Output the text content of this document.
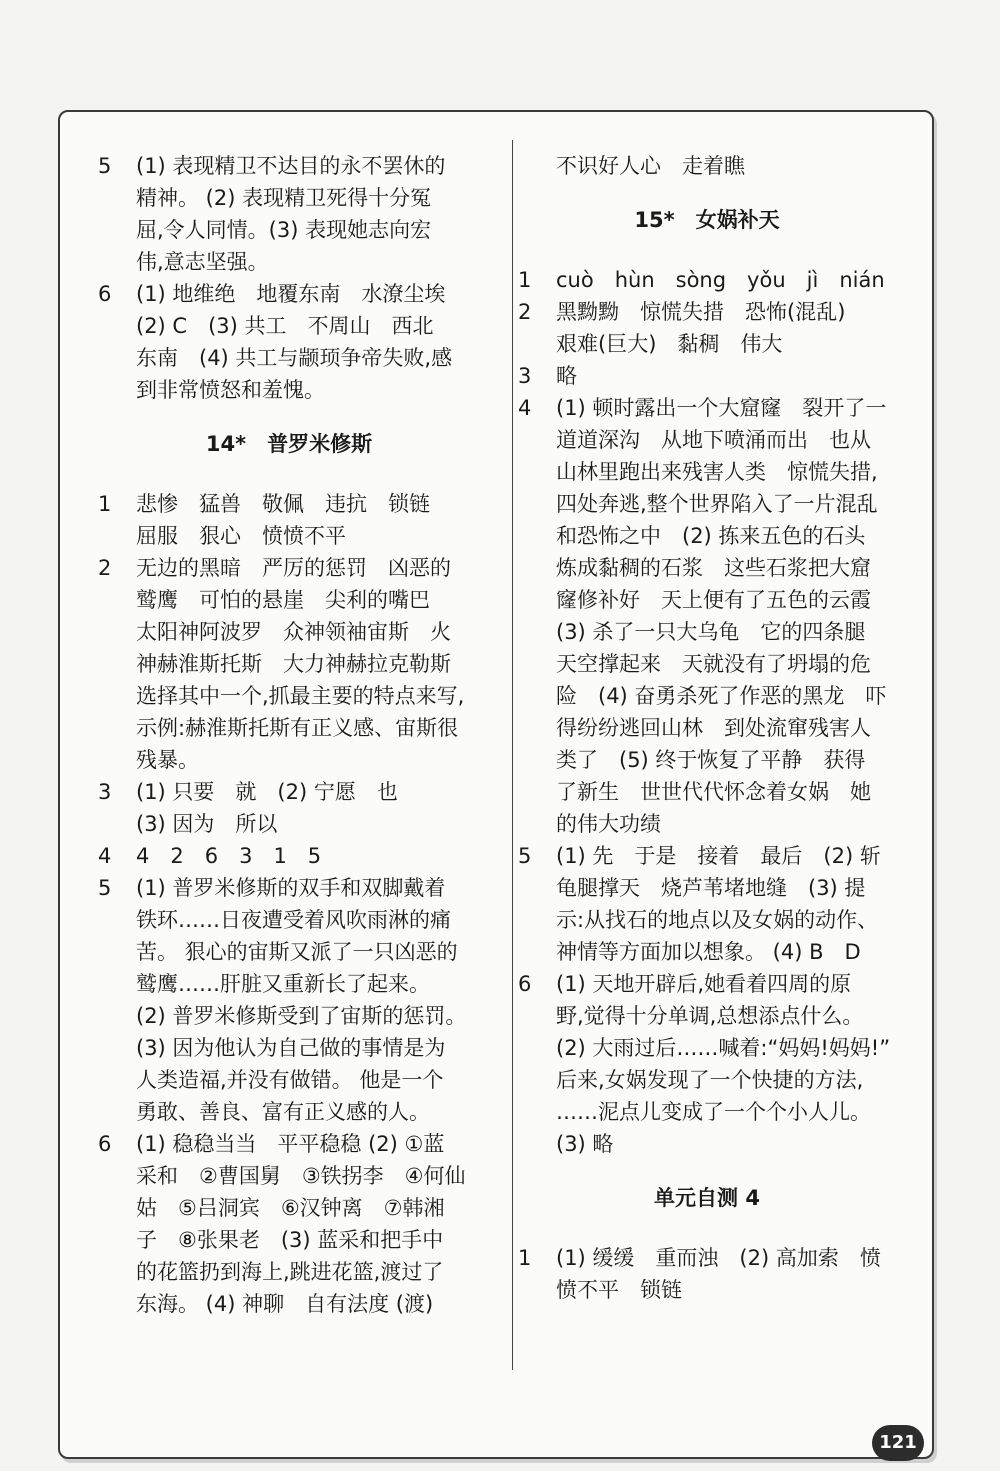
5	(1) 表现精卫不达目的永不罢休的
精神。 (2) 表现精卫死得十分冤
屈,令人同情。(3) 表现她志向宏
伟,意志坚强。
6	(1) 地维绝　地覆东南　水潦尘埃
(2) C　(3) 共工　不周山　西北
东南　(4) 共工与颛顼争帝失败,感
到非常愤怒和羞愧。
14*　普罗米修斯
1	悲惨　猛兽　敬佩　违抗　锁链
屈服　狠心　愤愤不平
2	无边的黑暗　严厉的惩罚　凶恶的
鹫鹰　可怕的悬崖　尖利的嘴巴
太阳神阿波罗　众神领袖宙斯　火
神赫淮斯托斯　大力神赫拉克勒斯
选择其中一个,抓最主要的特点来写,
示例:赫淮斯托斯有正义感、宙斯很
残暴。
3	(1) 只要　就　(2) 宁愿　也
(3) 因为　所以
4	4　2　6　3　1　5
5	(1) 普罗米修斯的双手和双脚戴着
铁环……日夜遭受着风吹雨淋的痛
苦。 狠心的宙斯又派了一只凶恶的
鹫鹰……肝脏又重新长了起来。
(2) 普罗米修斯受到了宙斯的惩罚。
(3) 因为他认为自己做的事情是为
人类造福,并没有做错。 他是一个
勇敢、善良、富有正义感的人。
6	(1) 稳稳当当　平平稳稳 (2) ①蓝
采和　②曹国舅　③铁拐李　④何仙
姑　⑤吕洞宾　⑥汉钟离　⑦韩湘
子　⑧张果老　(3) 蓝采和把手中
的花篮扔到海上,跳进花篮,渡过了
东海。 (4) 神聊　自有法度 (渡)
不识好人心　走着瞧
15*　女娲补天
1	cuò　hùn　sòng　yǒu　jì　nián
2	黑黝黝　惊慌失措　恐怖(混乱)
艰难(巨大)　黏稠　伟大
3	略
4	(1) 顿时露出一个大窟窿　裂开了一
道道深沟　从地下喷涌而出　也从
山林里跑出来残害人类　惊慌失措,
四处奔逃,整个世界陷入了一片混乱
和恐怖之中　(2) 拣来五色的石头
炼成黏稠的石浆　这些石浆把大窟
窿修补好　天上便有了五色的云霞
(3) 杀了一只大乌龟　它的四条腿
天空撑起来　天就没有了坍塌的危
险　(4) 奋勇杀死了作恶的黑龙　吓
得纷纷逃回山林　到处流窜残害人
类了　(5) 终于恢复了平静　获得
了新生　世世代代怀念着女娲　她
的伟大功绩
5	(1) 先　于是　接着　最后　(2) 斩
龟腿撑天　烧芦苇堵地缝　(3) 提
示:从找石的地点以及女娲的动作、
神情等方面加以想象。 (4) B　D
6	(1) 天地开辟后,她看着四周的原
野,觉得十分单调,总想添点什么。
(2) 大雨过后……喊着:“妈妈!妈妈!”
后来,女娲发现了一个快捷的方法,
……泥点儿变成了一个个小人儿。
(3) 略
单元自测 4
1	(1) 缓缓　重而浊　(2) 高加索　愤
愤不平　锁链
121
